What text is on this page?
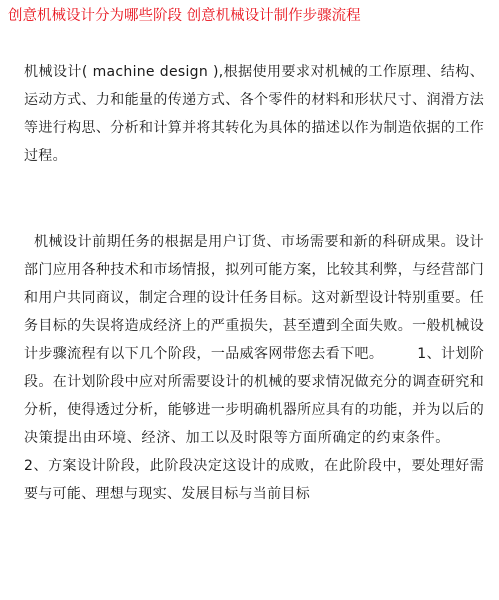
创意机械设计分为哪些阶段 创意机械设计制作步骤流程
机械设计( machine design ),根据使用要求对机械的工作原理、结构、运动方式、力和能量的传递方式、各个零件的材料和形状尺寸、润滑方法等进行构思、分析和计算并将其转化为具体的描述以作为制造依据的工作过程。
机械设计前期任务的根据是用户订货、市场需要和新的科研成果。设计部门应用各种技术和市场情报，拟列可能方案，比较其利弊，与经营部门和用户共同商议，制定合理的设计任务目标。这对新型设计特别重要。任务目标的失误将造成经济上的严重损失，甚至遭到全面失败。一般机械设计步骤流程有以下几个阶段，一品威客网带您去看下吧。 1、计划阶段。在计划阶段中应对所需要设计的机械的要求情况做充分的调查研究和分析，使得透过分析，能够进一步明确机器所应具有的功能，并为以后的决策提出由环境、经济、加工以及时限等方面所确定的约束条件。2、方案设计阶段，此阶段决定这设计的成败，在此阶段中，要处理好需要与可能、理想与现实、发展目标与当前目标
